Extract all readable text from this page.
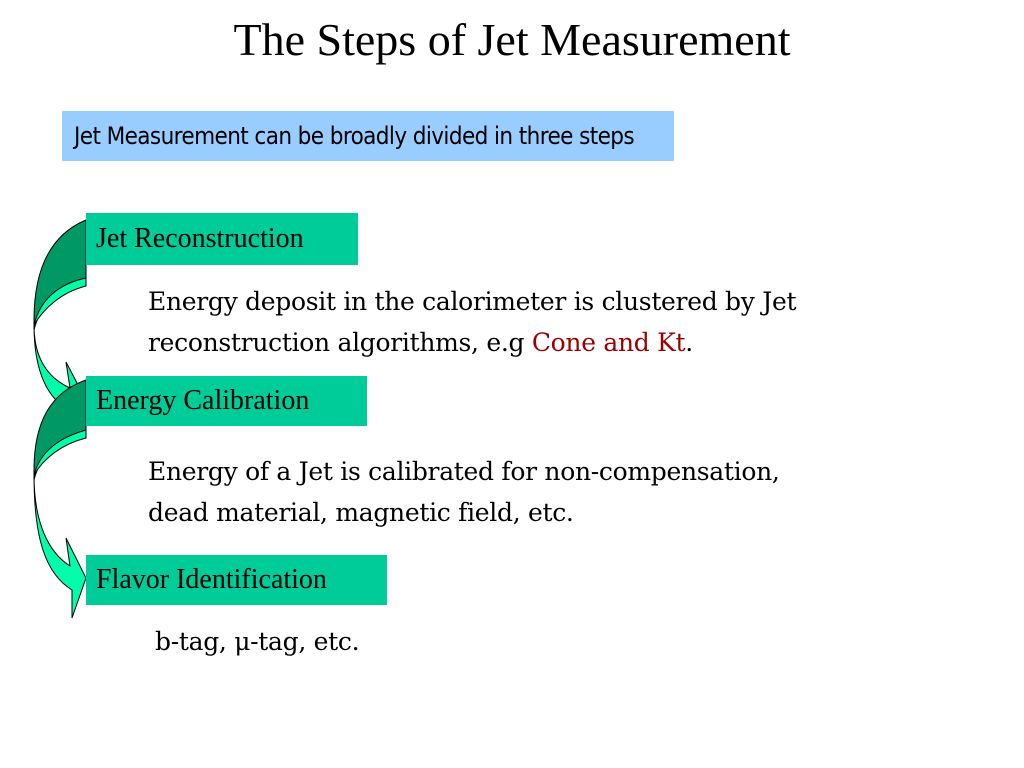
The Steps of Jet Measurement
Jet Measurement can be broadly divided in three steps
Jet Reconstruction
Energy deposit in the calorimeter is clustered by Jet
reconstruction algorithms, e.g Cone and Kt.
Energy Calibration
Energy of a Jet is calibrated for non-compensation,
dead material, magnetic field, etc.
Flavor Identification
b-tag, μ-tag, etc.
